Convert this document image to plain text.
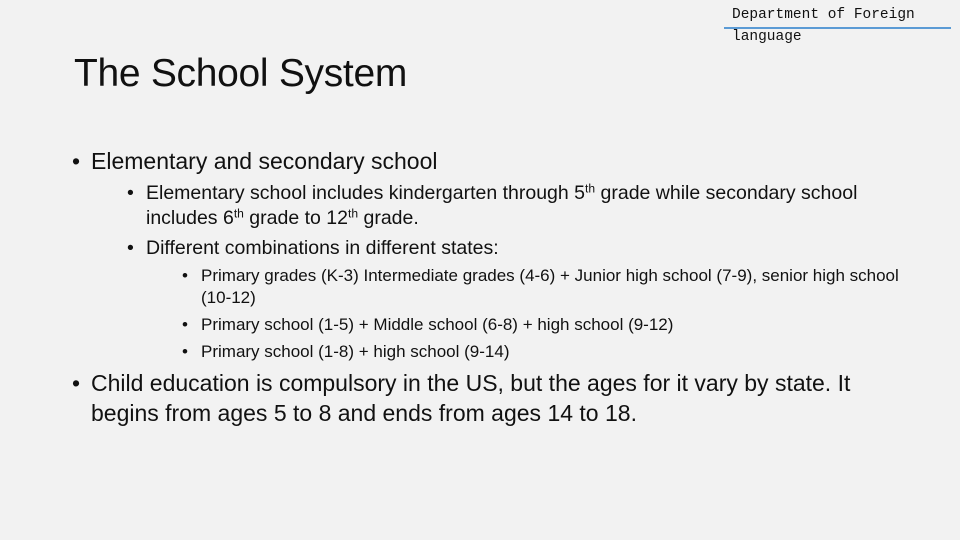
Department of Foreign
language
The School System
• Elementary and secondary school
• Elementary school includes kindergarten through 5th grade while secondary school includes 6th grade to 12th grade.
• Different combinations in different states:
• Primary grades (K-3) Intermediate grades (4-6) + Junior high school (7-9), senior high school (10-12)
• Primary school (1-5) + Middle school (6-8) + high school (9-12)
• Primary school (1-8) + high school (9-14)
• Child education is compulsory in the US, but the ages for it vary by state. It begins from ages 5 to 8 and ends from ages 14 to 18.
